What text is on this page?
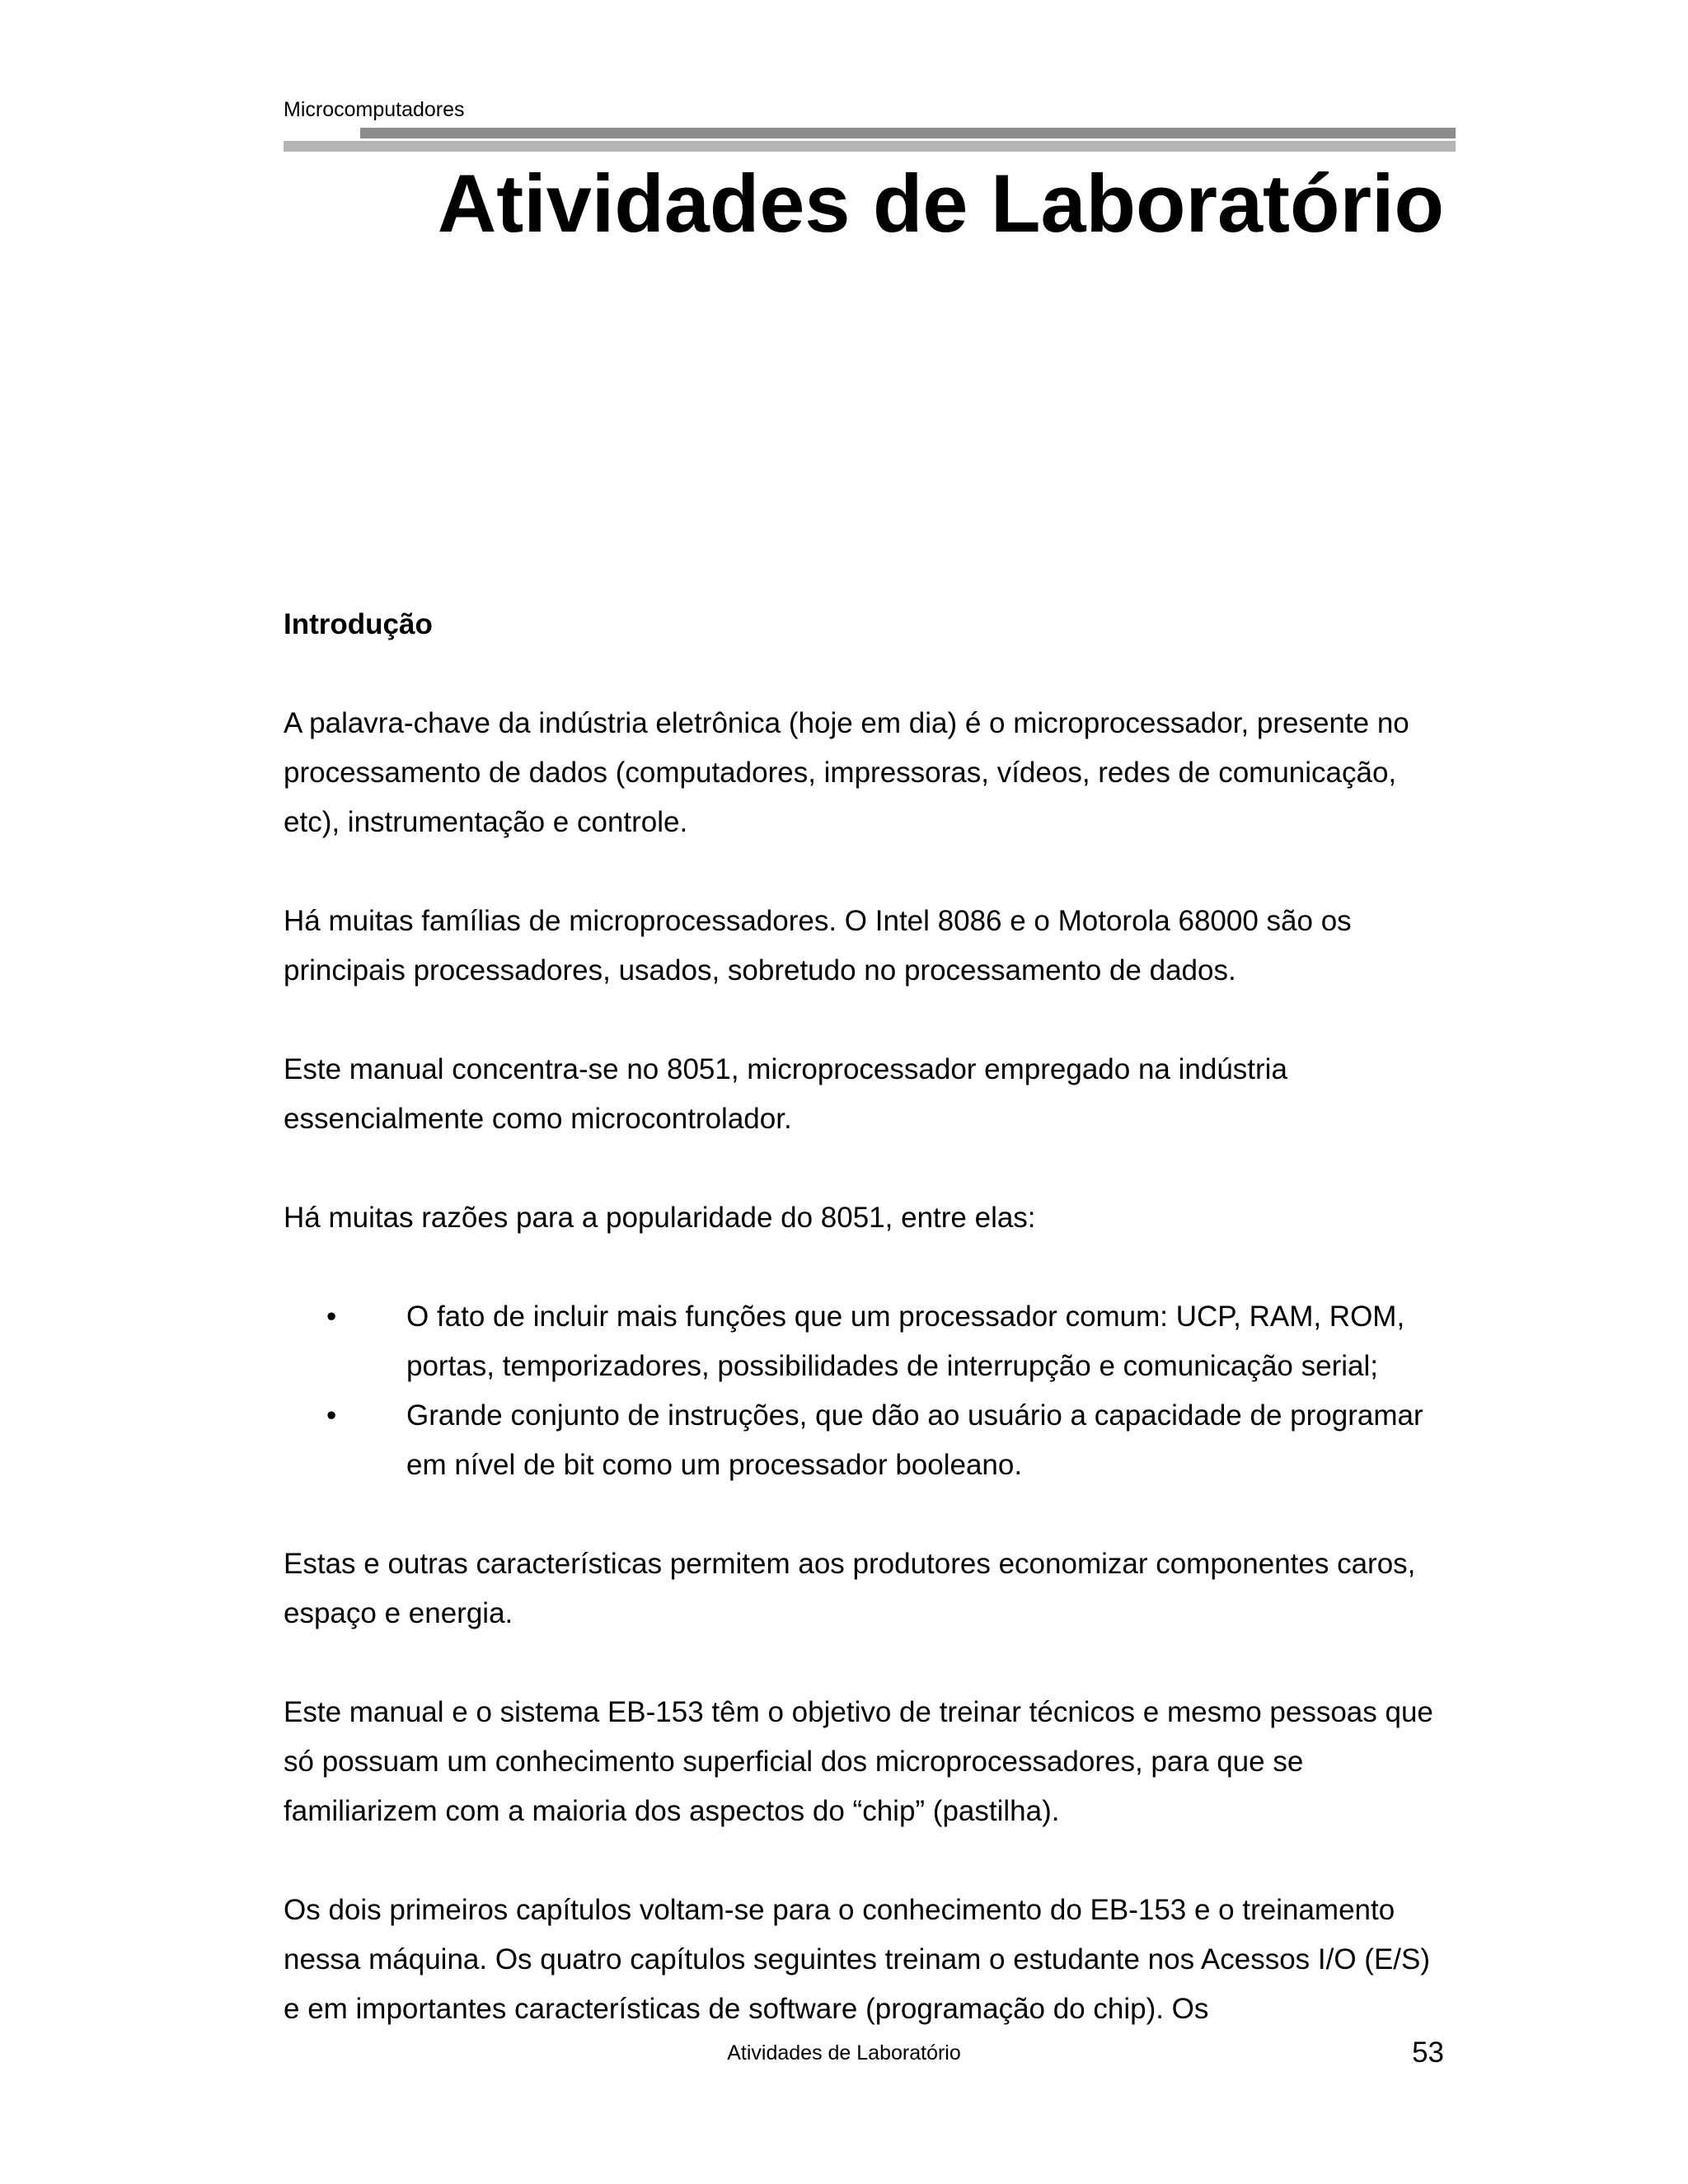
Microcomputadores
Atividades de Laboratório

Introdução

A palavra-chave da indústria eletrônica (hoje em dia) é o microprocessador, presente no processamento de dados (computadores, impressoras, vídeos, redes de comunicação, etc), instrumentação e controle.

Há muitas famílias de microprocessadores. O Intel 8086 e o Motorola 68000 são os principais processadores, usados, sobretudo no processamento de dados.

Este manual concentra-se no 8051, microprocessador empregado na indústria essencialmente como microcontrolador.

Há muitas razões para a popularidade do 8051, entre elas:

• O fato de incluir mais funções que um processador comum: UCP, RAM, ROM, portas, temporizadores, possibilidades de interrupção e comunicação serial;
• Grande conjunto de instruções, que dão ao usuário a capacidade de programar em nível de bit como um processador booleano.

Estas e outras características permitem aos produtores economizar componentes caros, espaço e energia.

Este manual e o sistema EB-153 têm o objetivo de treinar técnicos e mesmo pessoas que só possuam um conhecimento superficial dos microprocessadores, para que se familiarizem com a maioria dos aspectos do “chip” (pastilha).

Os dois primeiros capítulos voltam-se para o conhecimento do EB-153 e o treinamento nessa máquina. Os quatro capítulos seguintes treinam o estudante nos Acessos I/O (E/S) e em importantes características de software (programação do chip). Os

Atividades de Laboratório	53
